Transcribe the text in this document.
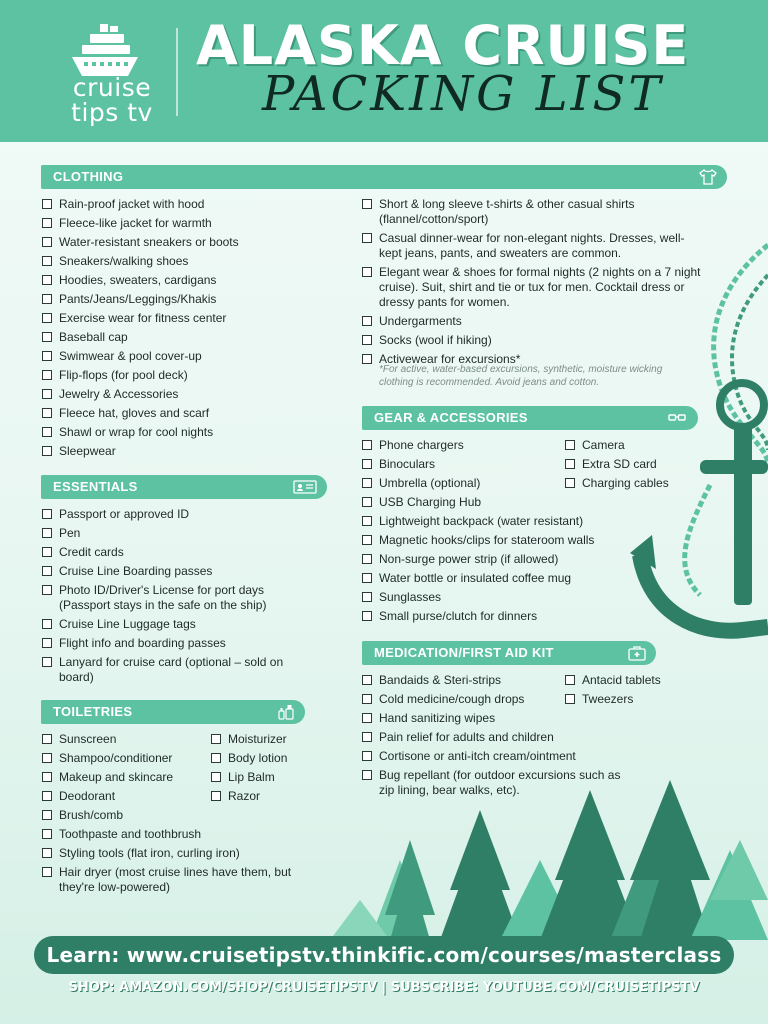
cruise
tips tv
ALASKA CRUISE
PACKING LIST
CLOTHING
Rain-proof jacket with hood
Fleece-like jacket for warmth
Water-resistant sneakers or boots
Sneakers/walking shoes
Hoodies, sweaters, cardigans
Pants/Jeans/Leggings/Khakis
Exercise wear for fitness center
Baseball cap
Swimwear & pool cover-up
Flip-flops (for pool deck)
Jewelry & Accessories
Fleece hat, gloves and scarf
Shawl or wrap for cool nights
Sleepwear
Short & long sleeve t-shirts & other casual shirts (flannel/cotton/sport)
Casual dinner-wear for non-elegant nights. Dresses, well-kept jeans, pants, and sweaters are common.
Elegant wear & shoes for formal nights (2 nights on a 7 night cruise). Suit, shirt and tie or tux for men. Cocktail dress or dressy pants for women.
Undergarments
Socks (wool if hiking)
Activewear for excursions*
*For active, water-based excursions, synthetic, moisture wicking clothing is recommended. Avoid jeans and cotton.
GEAR & ACCESSORIES
Phone chargers
Binoculars
Umbrella (optional)
USB Charging Hub
Lightweight backpack (water resistant)
Magnetic hooks/clips for stateroom walls
Non-surge power strip (if allowed)
Water bottle or insulated coffee mug
Sunglasses
Small purse/clutch for dinners
Camera
Extra SD card
Charging cables
ESSENTIALS
Passport or approved ID
Pen
Credit cards
Cruise Line Boarding passes
Photo ID/Driver's License for port days (Passport stays in the safe on the ship)
Cruise Line Luggage tags
Flight info and boarding passes
Lanyard for cruise card (optional – sold on board)
MEDICATION/FIRST AID KIT
Bandaids & Steri-strips
Cold medicine/cough drops
Hand sanitizing wipes
Pain relief for adults and children
Cortisone or anti-itch cream/ointment
Bug repellant (for outdoor excursions such as zip lining, bear walks, etc).
Antacid tablets
Tweezers
TOILETRIES
Sunscreen
Shampoo/conditioner
Makeup and skincare
Deodorant
Brush/comb
Toothpaste and toothbrush
Styling tools (flat iron, curling iron)
Hair dryer (most cruise lines have them, but they're low-powered)
Moisturizer
Body lotion
Lip Balm
Razor
Learn: www.cruisetipstv.thinkific.com/courses/masterclass
SHOP: AMAZON.COM/SHOP/CRUISETIPSTV | SUBSCRIBE: YOUTUBE.COM/CRUISETIPSTV
